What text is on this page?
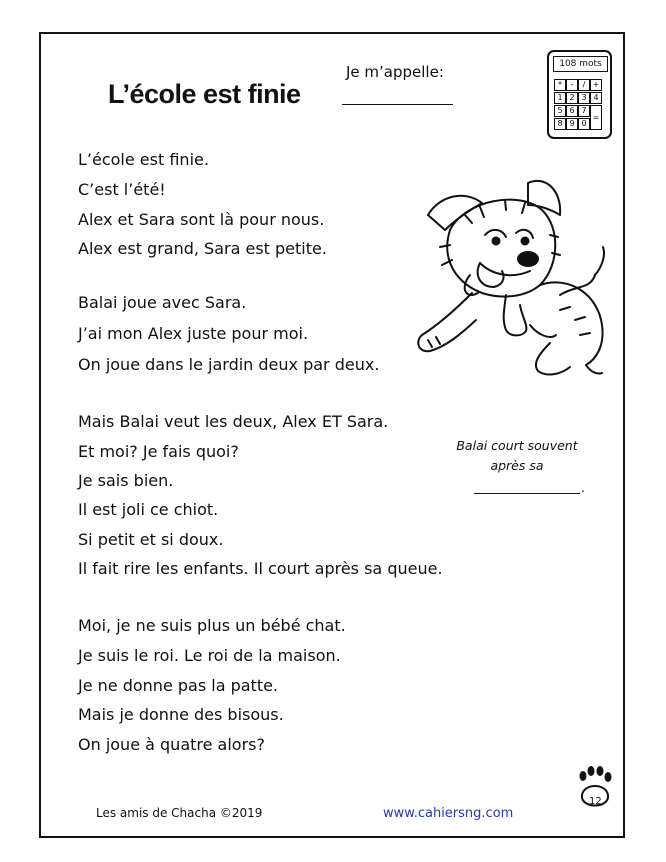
L’école est finie
Je m’appelle:	108 mots
*	-	/ +
1 2 3 4
5 6 7
=
8 9 0
L’école est finie.
C’est l’été!
Alex et Sara sont là pour nous.
Alex est grand, Sara est petite.
Balai joue avec Sara.
J’ai mon Alex juste pour moi.
On joue dans le jardin deux par deux.
Mais Balai veut les deux, Alex ET Sara.
Et moi? Je fais quoi?
Je sais bien.
Il est joli ce chiot.
Si petit et si doux.
Il fait rire les enfants. Il court après sa queue.
Moi, je ne suis plus un bébé chat.
Je suis le roi. Le roi de la maison.
Je ne donne pas la patte.
Mais je donne des bisous.
On joue à quatre alors?
Balai court souvent
après sa
.
Les amis de Chacha ©2019	www.cahiersng.com
12
